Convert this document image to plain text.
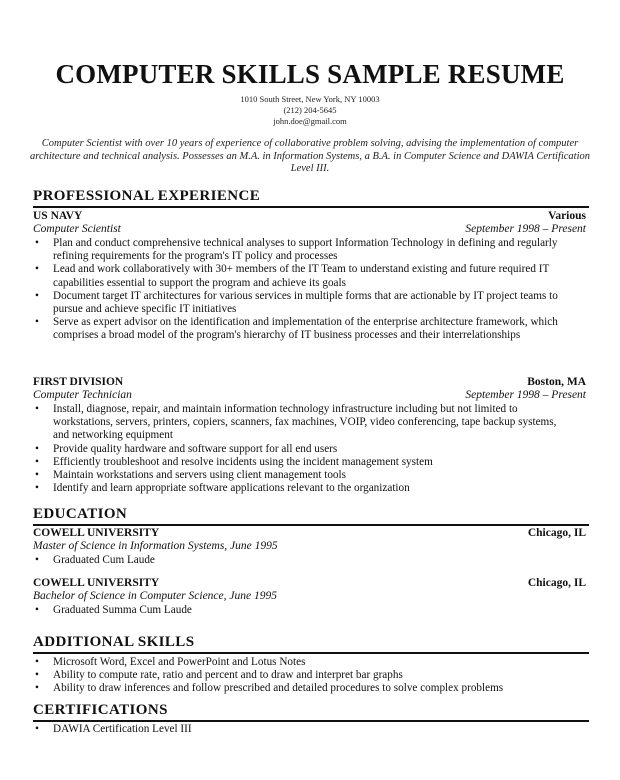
COMPUTER SKILLS SAMPLE RESUME
1010 South Street, New York, NY 10003
(212) 204-5645
john.doe@gmail.com
Computer Scientist with over 10 years of experience of collaborative problem solving, advising the implementation of computer architecture and technical analysis. Possesses an M.A. in Information Systems, a B.A. in Computer Science and DAWIA Certification Level III.
PROFESSIONAL EXPERIENCE
US NAVY	Various
Computer Scientist	September 1998 – Present
• Plan and conduct comprehensive technical analyses to support Information Technology in defining and regularly refining requirements for the program's IT policy and processes
• Lead and work collaboratively with 30+ members of the IT Team to understand existing and future required IT capabilities essential to support the program and achieve its goals
• Document target IT architectures for various services in multiple forms that are actionable by IT project teams to pursue and achieve specific IT initiatives
• Serve as expert advisor on the identification and implementation of the enterprise architecture framework, which comprises a broad model of the program's hierarchy of IT business processes and their interrelationships
FIRST DIVISION	Boston, MA
Computer Technician	September 1998 – Present
• Install, diagnose, repair, and maintain information technology infrastructure including but not limited to workstations, servers, printers, copiers, scanners, fax machines, VOIP, video conferencing, tape backup systems, and networking equipment
• Provide quality hardware and software support for all end users
• Efficiently troubleshoot and resolve incidents using the incident management system
• Maintain workstations and servers using client management tools
• Identify and learn appropriate software applications relevant to the organization
EDUCATION
COWELL UNIVERSITY	Chicago, IL
Master of Science in Information Systems, June 1995
• Graduated Cum Laude
COWELL UNIVERSITY	Chicago, IL
Bachelor of Science in Computer Science, June 1995
• Graduated Summa Cum Laude
ADDITIONAL SKILLS
• Microsoft Word, Excel and PowerPoint and Lotus Notes
• Ability to compute rate, ratio and percent and to draw and interpret bar graphs
• Ability to draw inferences and follow prescribed and detailed procedures to solve complex problems
CERTIFICATIONS
• DAWIA Certification Level III
